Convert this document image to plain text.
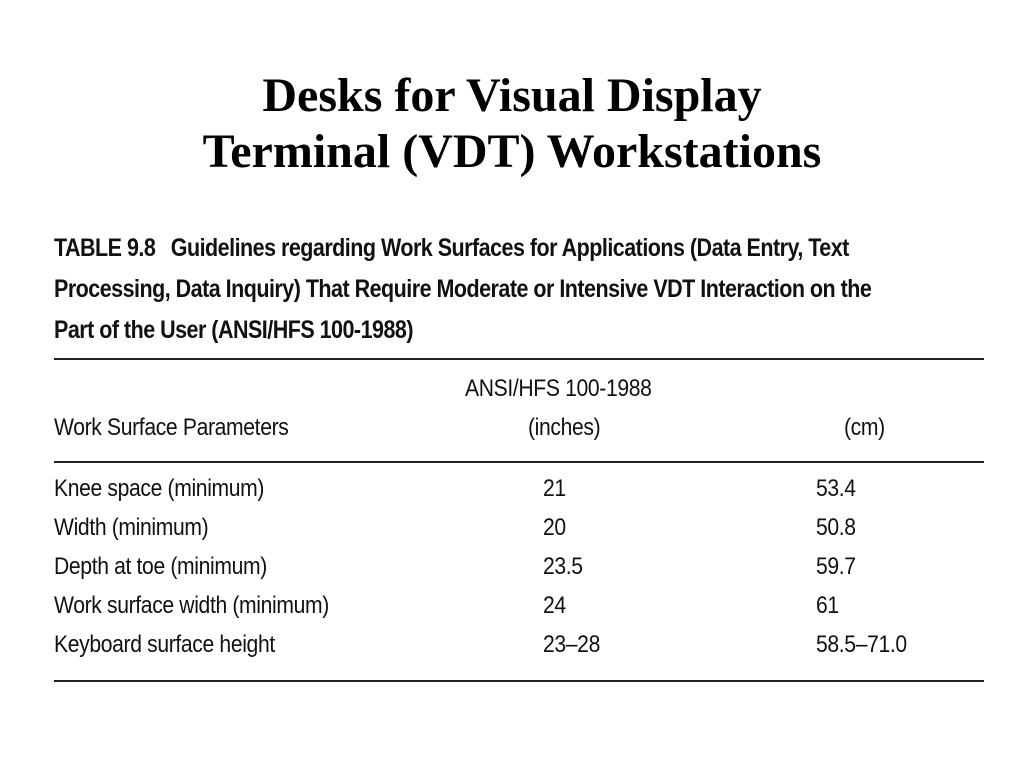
Desks for Visual Display
Terminal (VDT) Workstations
TABLE 9.8 Guidelines regarding Work Surfaces for Applications (Data Entry, Text
Processing, Data Inquiry) That Require Moderate or Intensive VDT Interaction on the
Part of the User (ANSI/HFS 100-1988)
ANSI/HFS 100-1988
Work Surface Parameters	(inches)	(cm)
Knee space (minimum)	21	53.4
Width (minimum)	20	50.8
Depth at toe (minimum)	23.5	59.7
Work surface width (minimum)	24	61
Keyboard surface height	23–28	58.5–71.0
